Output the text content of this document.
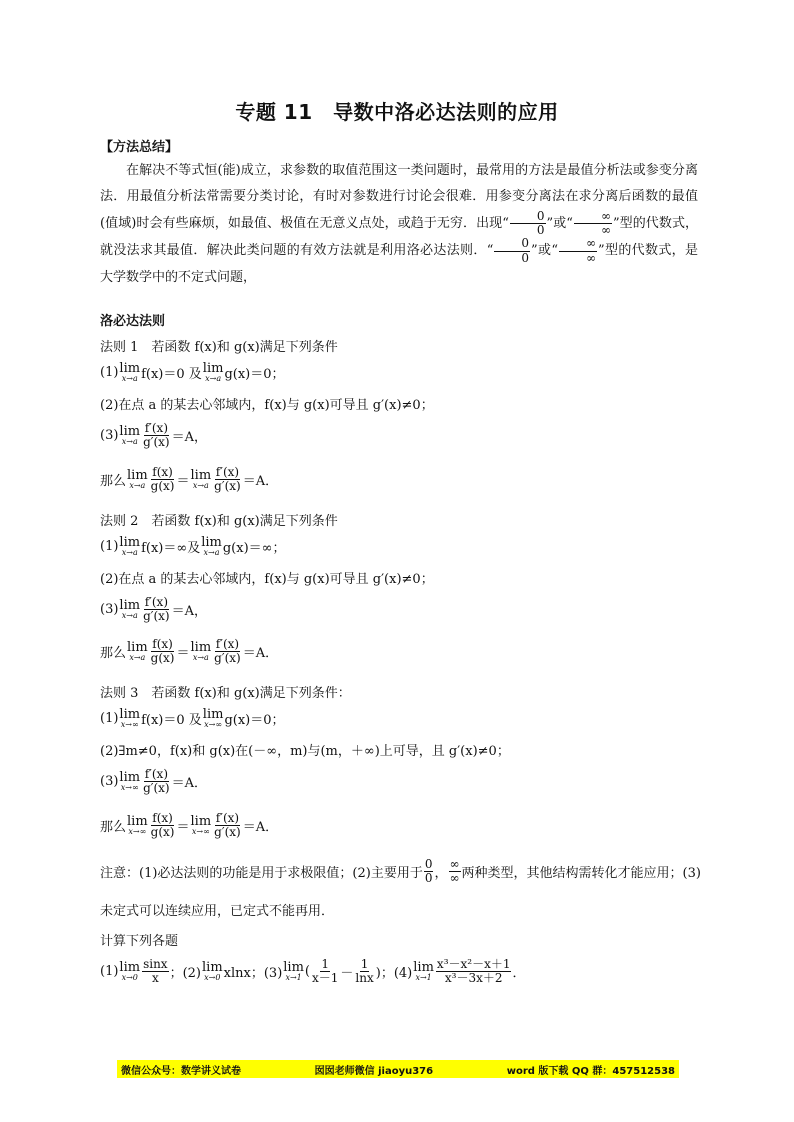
专题 11　导数中洛必达法则的应用
【方法总结】

在解决不等式恒(能)成立，求参数的取值范围这一类问题时，最常用的方法是最值分析法或参变分离法．用最值分析法常需要分类讨论，有时对参数进行讨论会很难．用参变分离法在求分离后函数的最值(值域)时会有些麻烦，如最值、极值在无意义点处，或趋于无穷．出现“ $\frac{0}{0}$ ”或“ $\frac{\infty}{\infty}$ ”型的代数式，就没法求其最值．解决此类问题的有效方法就是利用洛必达法则．“ $\frac{0}{0}$ ”或“ $\frac{\infty}{\infty}$ ”型的代数式，是大学数学中的不定式问题，

洛必达法则
法则 1　若函数 f(x)和 g(x)满足下列条件
(1) lim
x→a f(x)＝0 及 lim
x→a g(x)＝0；
(2)在点 a 的某去心邻域内，f(x)与 g(x)可导且 g′(x)≠0；
(3) lim
$x\to a \frac{f'(x)}{g'(x)} =A$，
那么 lim
$x\to a \frac{f(x)}{g(x)} = \lim$
$x\to a \frac{f'(x)}{g'(x)} =A$．
法则 2　若函数 f(x)和 g(x)满足下列条件
(1) lim
x→a f(x)＝∞及 lim
x→a g(x)＝∞；
(2)在点 a 的某去心邻域内，f(x)与 g(x)可导且 g′(x)≠0；
(3) lim
$x\to a \frac{f'(x)}{g'(x)} =A$，
那么 lim
$x\to a \frac{f(x)}{g(x)} = \lim$
$x\to a \frac{f'(x)}{g'(x)} =A$．
法则 3　若函数 f(x)和 g(x)满足下列条件：
(1) lim
x→∞ f(x)＝0 及 lim
x→∞ g(x)＝0；
(2)∃m≠0，f(x)和 g(x)在(－∞，m)与(m，＋∞)上可导，且 g′(x)≠0；
(3) lim
$x\to\infty \frac{f'(x)}{g'(x)} =A$．
那么 lim
$x\to\infty \frac{f(x)}{g(x)} = \lim$
$x\to\infty \frac{f'(x)}{g'(x)} =A$．
注意：(1)必达法则的功能是用于求极限值；(2)主要用于 $\frac{0}{0}$ ， $\frac{\infty}{\infty}$ 两种类型，其他结构需转化才能应用；(3)
未定式可以连续应用，已定式不能再用．
计算下列各题
(1) lim
$x\to 0 \frac{\sin x}{x}$ ；(2) lim
x→0 xlnx；(3) lim
x→1 ( $\frac{1}{x-1} - \frac{1}{\ln x}$ )；(4) lim
$x\to 1 \frac{\text{x³－x²－x＋1}}{\text{x³－3x＋2}}$ ．
微信公众号：数学讲义试卷	囡囡老师微信 jiaoyu376	word 版下载 QQ 群：457512538
